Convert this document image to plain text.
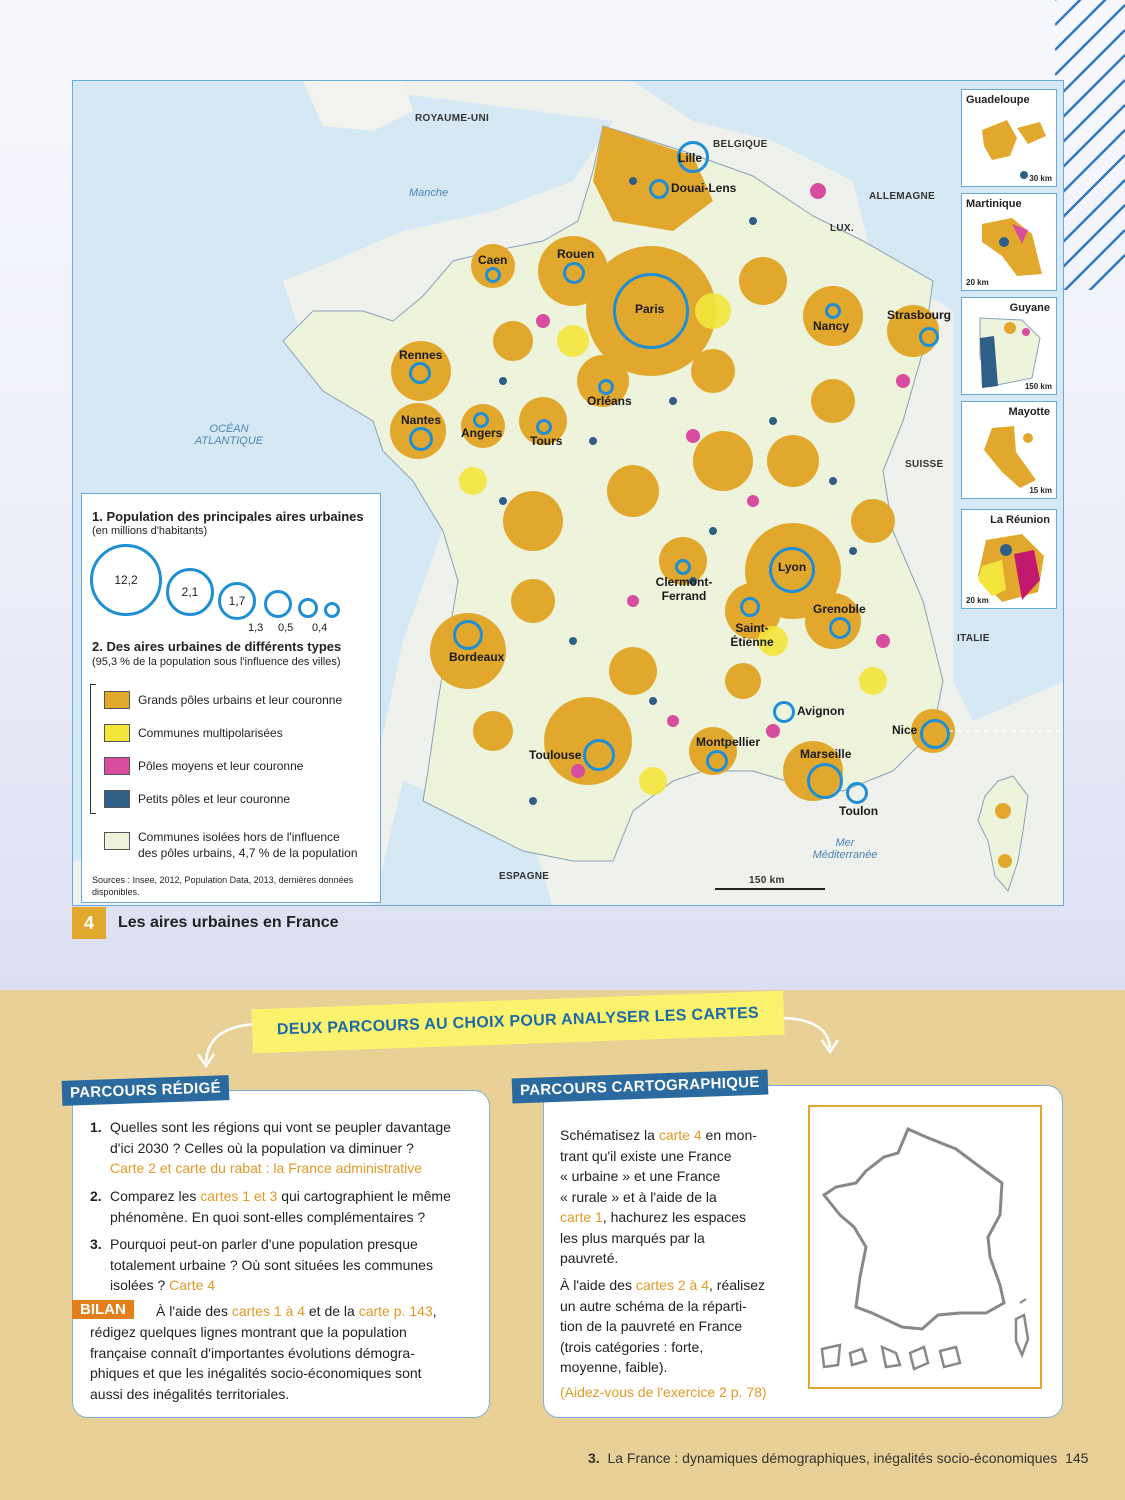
ROYAUME-UNI
BELGIQUE
ALLEMAGNE
LUX.
SUISSE
ITALIE
ESPAGNE
Manche
OCÉAN ATLANTIQUE
Mer Méditerranée
150 km
Lille
Douai-Lens
Caen	Rouen
Paris
Nancy
Strasbourg
Rennes
Orléans
Nantes
Angers
Tours
Lyon
Clermont-Ferrand
Saint-Étienne
Grenoble
Bordeaux
Avignon
Nice
Toulouse
Montpellier
Marseille
Toulon
Guadeloupe
30 km
Martinique
20 km
Guyane
150 km
Mayotte
15 km
La Réunion
20 km
1. Population des principales aires urbaines
(en millions d'habitants)
12,2
2,1
1,7
1,3 0,5 0,4
2. Des aires urbaines de différents types
(95,3 % de la population sous l'influence des villes)
Grands pôles urbains et leur couronne
Communes multipolarisées
Pôles moyens et leur couronne
Petits pôles et leur couronne
Communes isolées hors de l'influence
des pôles urbains, 4,7 % de la population
Sources : Insee, 2012, Population Data, 2013, dernières données
disponibles.
4	Les aires urbaines en France
DEUX PARCOURS AU CHOIX POUR ANALYSER LES CARTES
PARCOURS RÉDIGÉ
1. Quelles sont les régions qui vont se peupler davantage
d'ici 2030 ? Celles où la population va diminuer ?
Carte 2 et carte du rabat : la France administrative
2. Comparez les cartes 1 et 3 qui cartographient le même
phénomène. En quoi sont-elles complémentaires ?
3. Pourquoi peut-on parler d'une population presque
totalement urbaine ? Où sont situées les communes
isolées ? Carte 4
BILAN	À l'aide des cartes 1 à 4 et de la carte p. 143,
rédigez quelques lignes montrant que la population
française connaît d'importantes évolutions démogra-
phiques et que les inégalités socio-économiques sont
aussi des inégalités territoriales.
PARCOURS CARTOGRAPHIQUE
Schématisez la carte 4 en mon-
trant qu'il existe une France
« urbaine » et une France
« rurale » et à l'aide de la
carte 1, hachurez les espaces
les plus marqués par la
pauvreté.
À l'aide des cartes 2 à 4, réalisez
un autre schéma de la réparti-
tion de la pauvreté en France
(trois catégories : forte,
moyenne, faible).
(Aidez-vous de l'exercice 2 p. 78)
3. La France : dynamiques démographiques, inégalités socio-économiques 145
